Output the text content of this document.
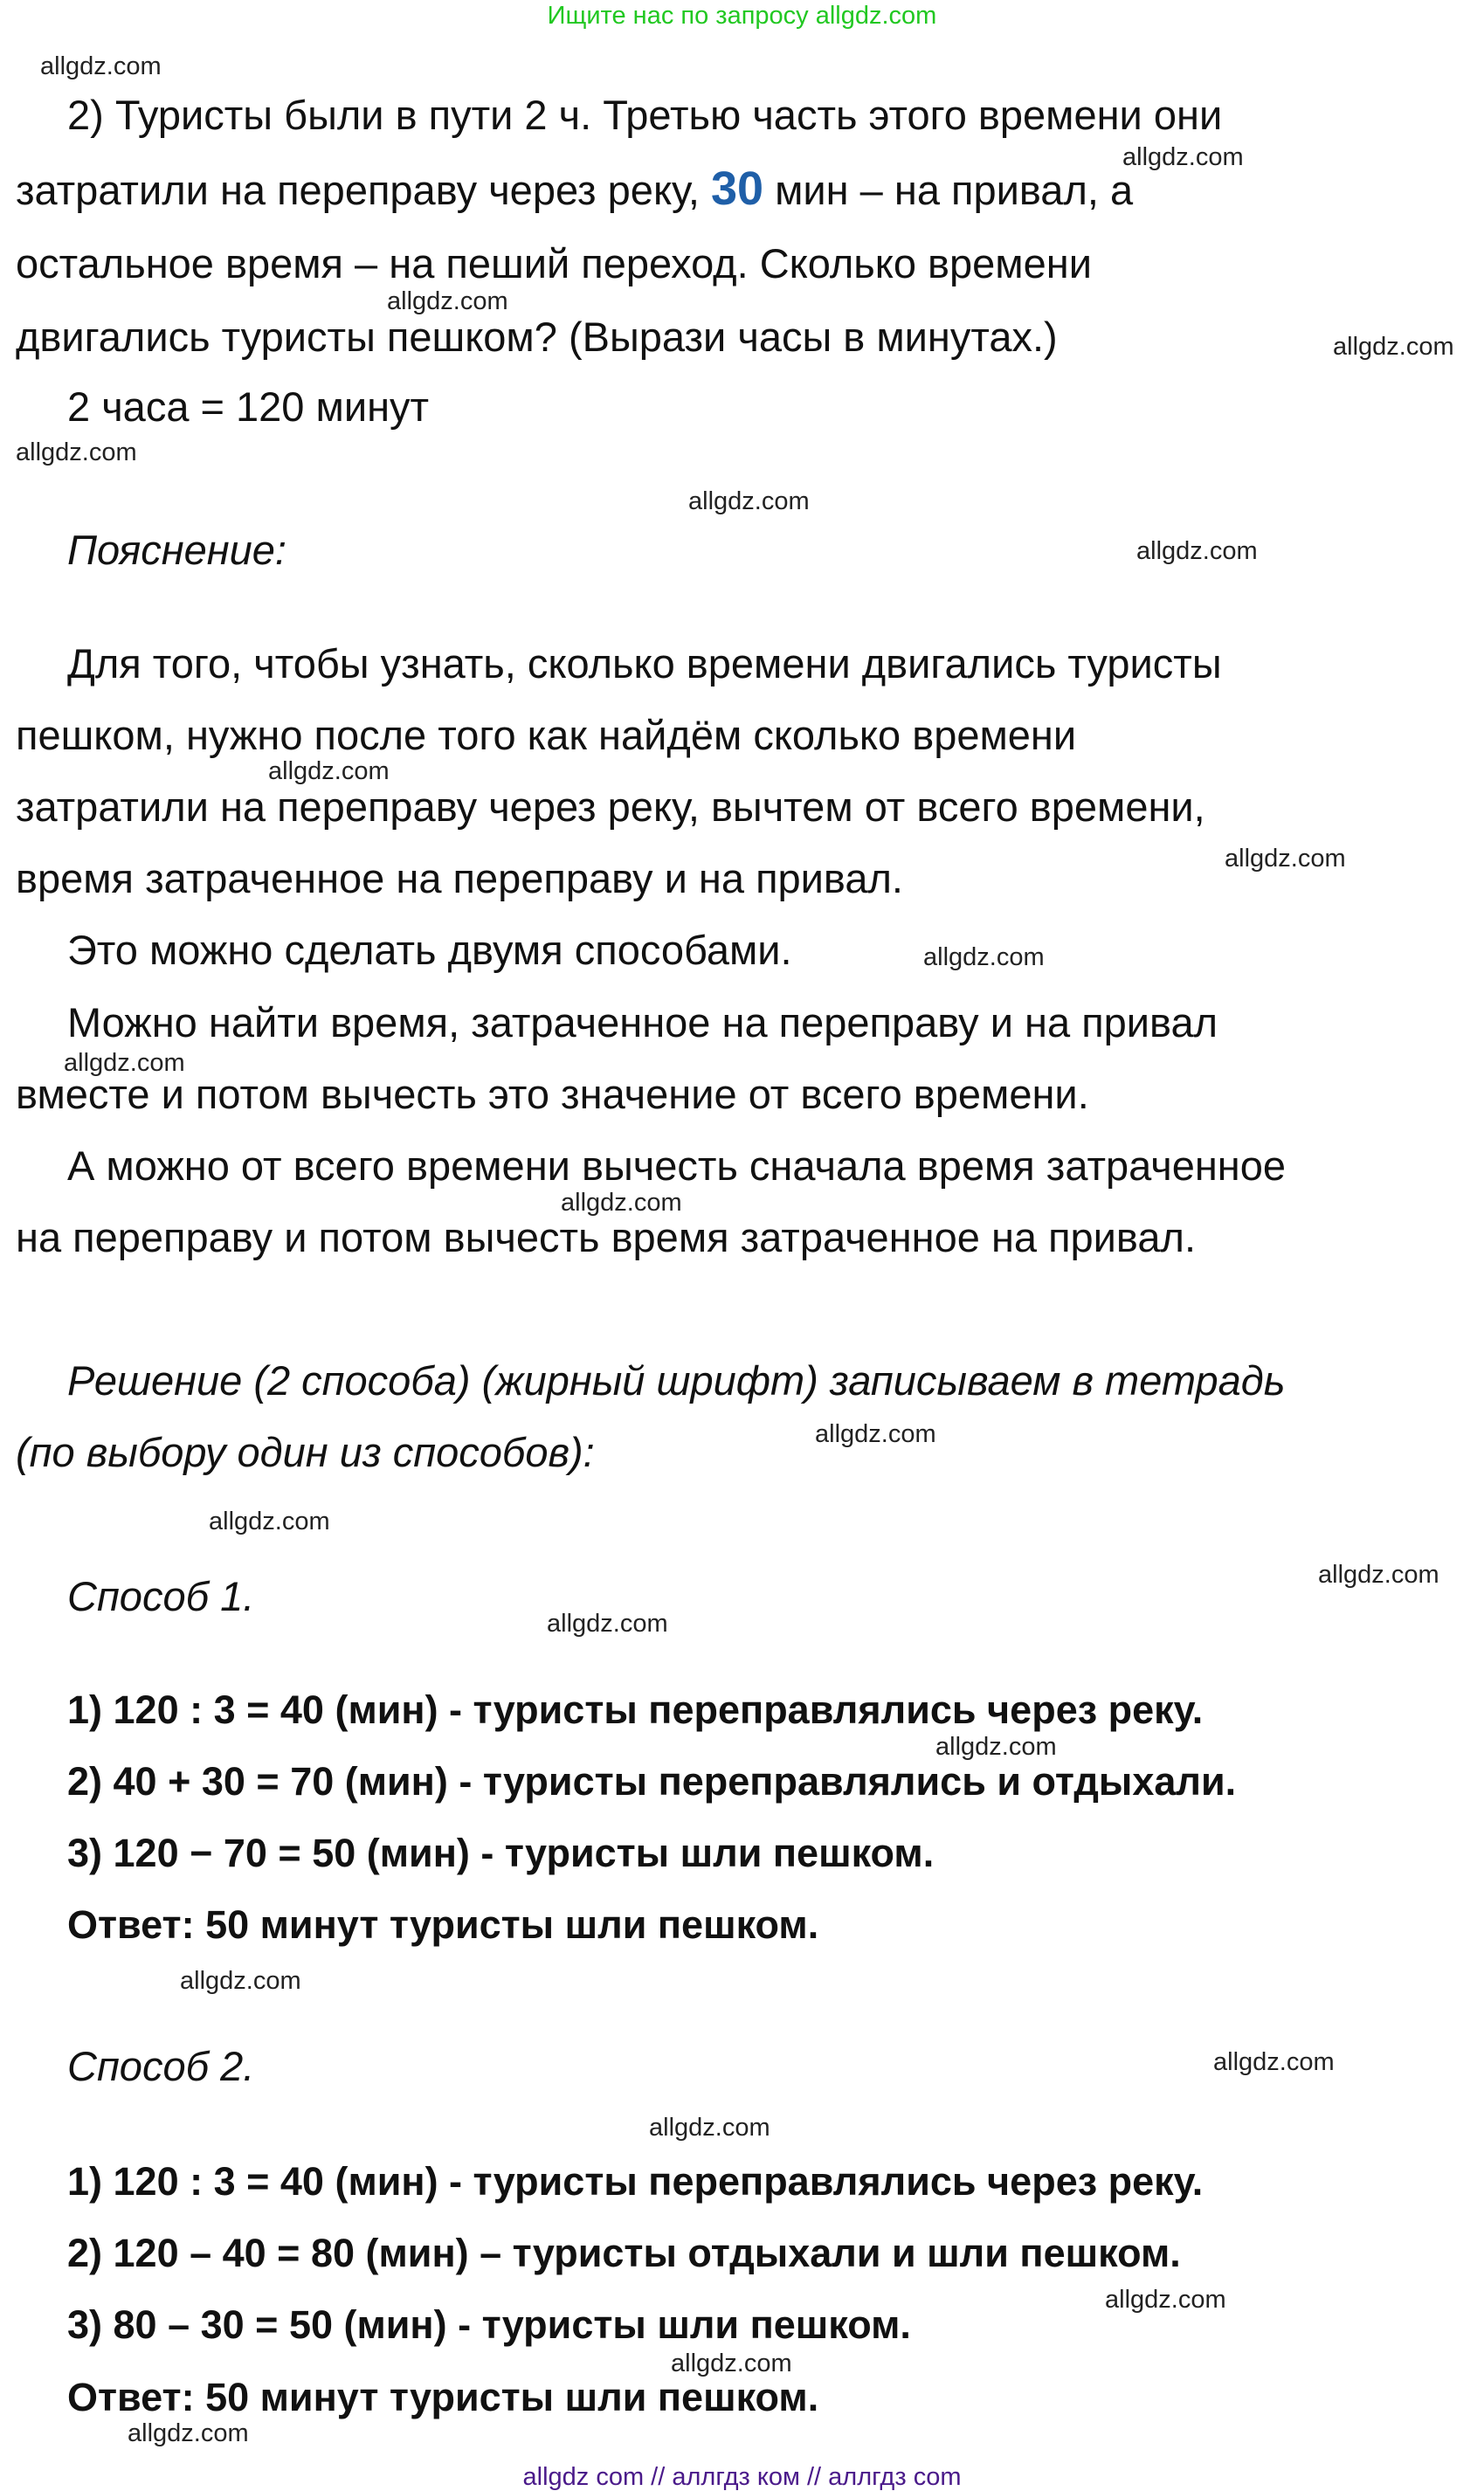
Ищите нас по запросу allgdz.com
2) Туристы были в пути 2 ч. Третью часть этого времени они
затратили на переправу через реку, 30 мин – на привал, а
остальное время – на пеший переход. Сколько времени
двигались туристы пешком? (Вырази часы в минутах.)
2 часа = 120 минут
Пояснение:
Для того, чтобы узнать, сколько времени двигались туристы
пешком, нужно после того как найдём сколько времени
затратили на переправу через реку, вычтем от всего времени,
время затраченное на переправу и на привал.
Это можно сделать двумя способами.
Можно найти время, затраченное на переправу и на привал
вместе и потом вычесть это значение от всего времени.
А можно от всего времени вычесть сначала время затраченное
на переправу и потом вычесть время затраченное на привал.
Решение (2 способа) (жирный шрифт) записываем в тетрадь
(по выбору один из способов):
Способ 1.
1) 120 : 3 = 40 (мин) - туристы переправлялись через реку.
2) 40 + 30 = 70 (мин) - туристы переправлялись и отдыхали.
3) 120 − 70 = 50 (мин) - туристы шли пешком.
Ответ: 50 минут туристы шли пешком.
Способ 2.
1) 120 : 3 = 40 (мин) - туристы переправлялись через реку.
2) 120 – 40 = 80 (мин) – туристы отдыхали и шли пешком.
3) 80 – 30 = 50 (мин) - туристы шли пешком.
Ответ: 50 минут туристы шли пешком.
allgdz.com
allgdz.com
allgdz.com
allgdz.com
allgdz.com
allgdz.com
allgdz.com
allgdz.com
allgdz.com
allgdz.com
allgdz.com
allgdz.com
allgdz.com
allgdz.com
allgdz.com
allgdz.com
allgdz.com
allgdz.com
allgdz.com
allgdz.com
allgdz.com
allgdz.com
allgdz.com
allgdz com // аллгдз ком // аллгдз com
